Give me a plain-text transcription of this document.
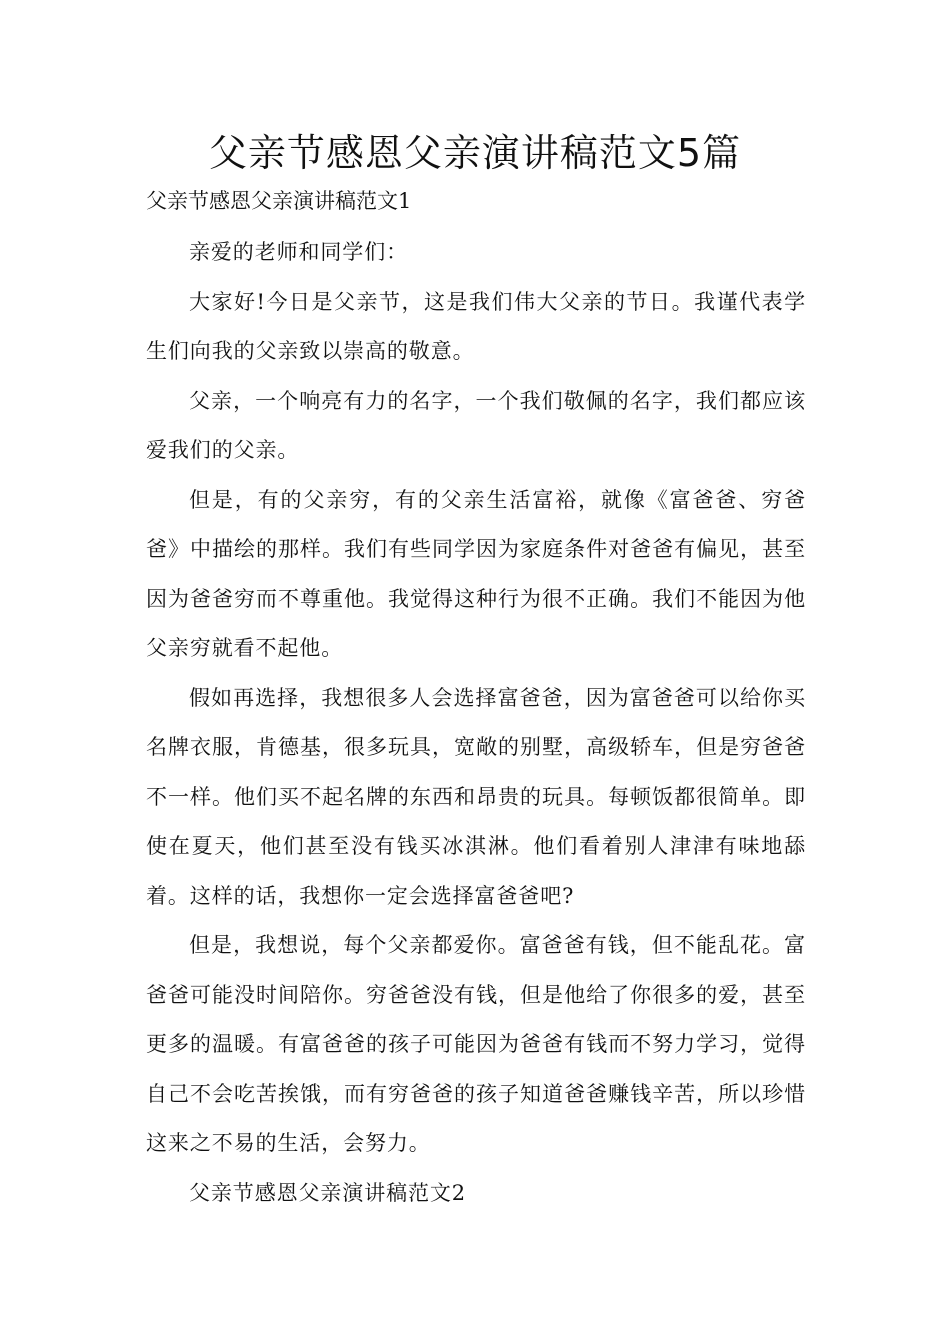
父亲节感恩父亲演讲稿范文5篇

父亲节感恩父亲演讲稿范文1

亲爱的老师和同学们：

大家好!今日是父亲节，这是我们伟大父亲的节日。我谨代表学生们向我的父亲致以崇高的敬意。

父亲，一个响亮有力的名字，一个我们敬佩的名字，我们都应该爱我们的父亲。

但是，有的父亲穷，有的父亲生活富裕，就像《富爸爸、穷爸爸》中描绘的那样。我们有些同学因为家庭条件对爸爸有偏见，甚至因为爸爸穷而不尊重他。我觉得这种行为很不正确。我们不能因为他父亲穷就看不起他。

假如再选择，我想很多人会选择富爸爸，因为富爸爸可以给你买名牌衣服，肯德基，很多玩具，宽敞的别墅，高级轿车，但是穷爸爸不一样。他们买不起名牌的东西和昂贵的玩具。每顿饭都很简单。即使在夏天，他们甚至没有钱买冰淇淋。他们看着别人津津有味地舔着。这样的话，我想你一定会选择富爸爸吧?

但是，我想说，每个父亲都爱你。富爸爸有钱，但不能乱花。富爸爸可能没时间陪你。穷爸爸没有钱，但是他给了你很多的爱，甚至更多的温暖。有富爸爸的孩子可能因为爸爸有钱而不努力学习，觉得自己不会吃苦挨饿，而有穷爸爸的孩子知道爸爸赚钱辛苦，所以珍惜这来之不易的生活，会努力。

父亲节感恩父亲演讲稿范文2
